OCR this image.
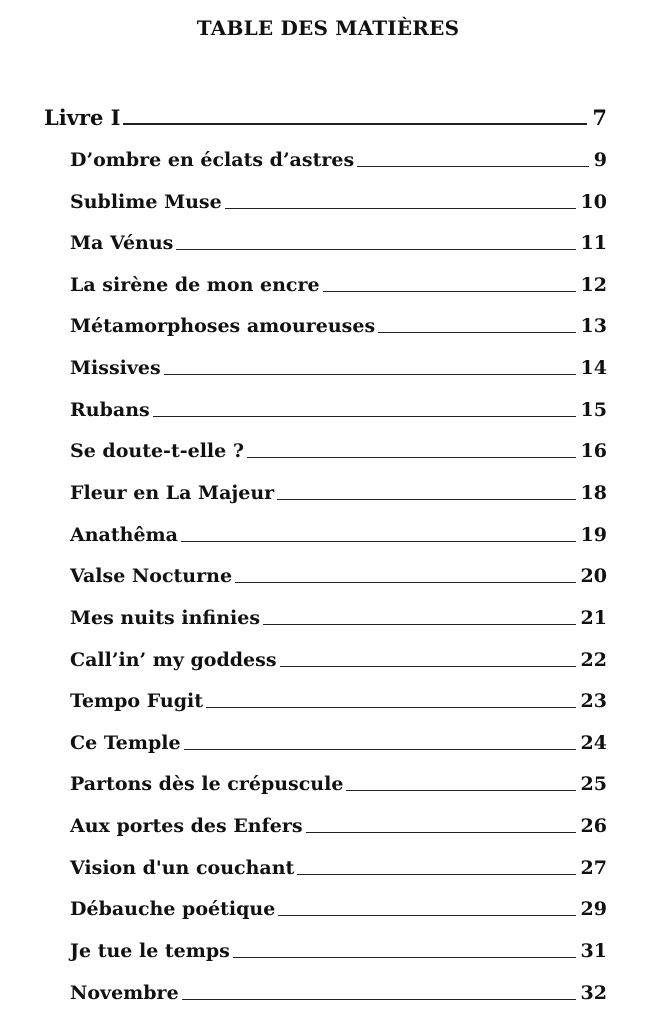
TABLE DES MATIÈRES
Livre I	7
D’ombre en éclats d’astres	9
Sublime Muse	10
Ma Vénus	11
La sirène de mon encre	12
Métamorphoses amoureuses	13
Missives	14
Rubans	15
Se doute-t-elle ?	16
Fleur en La Majeur	18
Anathêma	19
Valse Nocturne	20
Mes nuits infinies	21
Call’in’ my goddess	22
Tempo Fugit	23
Ce Temple	24
Partons dès le crépuscule	25
Aux portes des Enfers	26
Vision d'un couchant	27
Débauche poétique	29
Je tue le temps	31
Novembre	32
